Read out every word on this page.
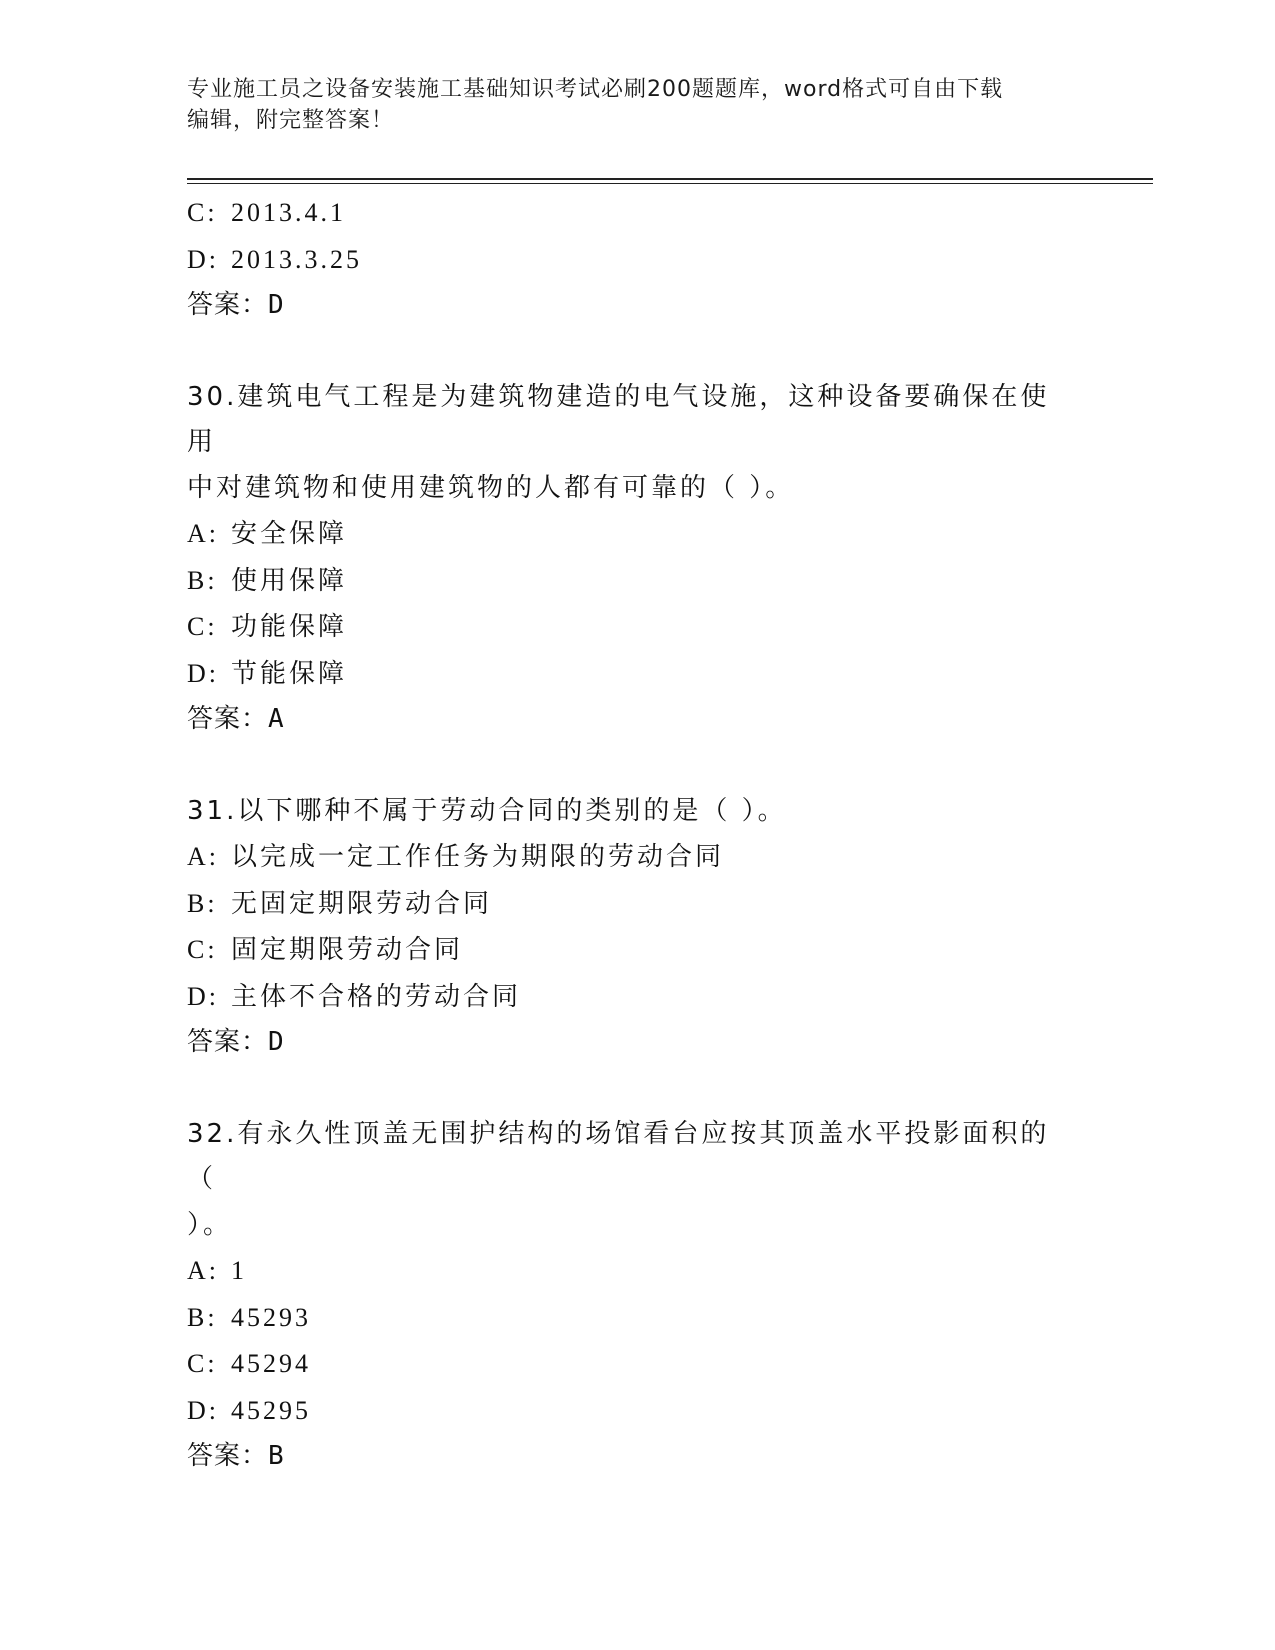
专业施工员之设备安装施工基础知识考试必刷200题题库，word格式可自由下载
编辑，附完整答案！
C: 2013.4.1
D: 2013.3.25
答案：D
30.建筑电气工程是为建筑物建造的电气设施，这种设备要确保在使用
中对建筑物和使用建筑物的人都有可靠的（ ）。
A: 安全保障
B: 使用保障
C: 功能保障
D: 节能保障
答案：A
31.以下哪种不属于劳动合同的类别的是（ ）。
A: 以完成一定工作任务为期限的劳动合同
B: 无固定期限劳动合同
C: 固定期限劳动合同
D: 主体不合格的劳动合同
答案：D
32.有永久性顶盖无围护结构的场馆看台应按其顶盖水平投影面积的（
）。
A: 1
B: 45293
C: 45294
D: 45295
答案：B
